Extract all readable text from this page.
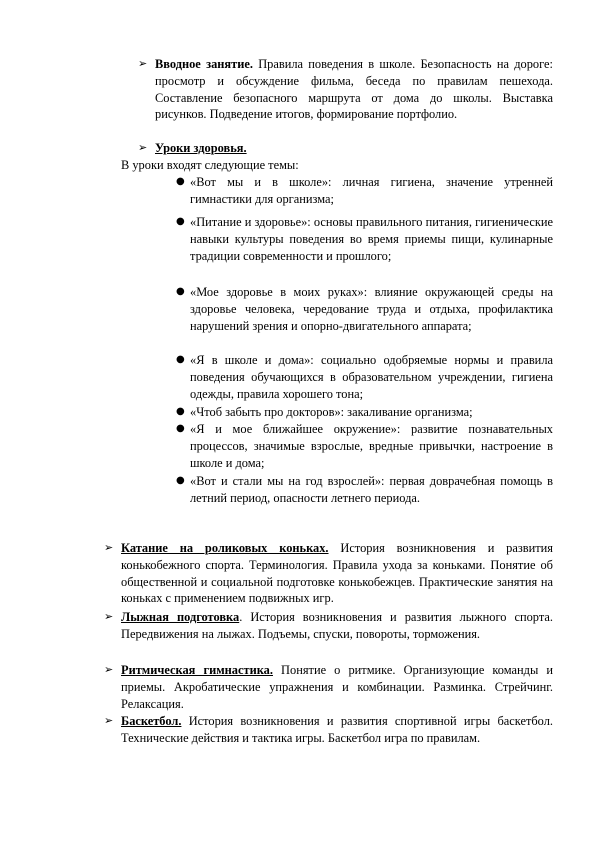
➢ Вводное занятие. Правила поведения в школе. Безопасность на дороге: просмотр и обсуждение фильма, беседа по правилам пешехода. Составление безопасного маршрута от дома до школы. Выставка рисунков. Подведение итогов, формирование портфолио.
➢ Уроки здоровья.
В уроки входят следующие темы:
● «Вот мы и в школе»: личная гигиена, значение утренней гимнастики для организма;
● «Питание и здоровье»: основы правильного питания, гигиенические навыки культуры поведения во время приемы пищи, кулинарные традиции современности и прошлого;
● «Мое здоровье в моих руках»: влияние окружающей среды на здоровье человека, чередование труда и отдыха, профилактика нарушений зрения и опорно-двигательного аппарата;
● «Я в школе и дома»: социально одобряемые нормы и правила поведения обучающихся в образовательном учреждении, гигиена одежды, правила хорошего тона;
● «Чтоб забыть про докторов»: закаливание организма;
● «Я и мое ближайшее окружение»: развитие познавательных процессов, значимые взрослые, вредные привычки, настроение в школе и дома;
● «Вот и стали мы на год взрослей»: первая доврачебная помощь в летний период, опасности летнего периода.
➢ Катание на роликовых коньках. История возникновения и развития конькобежного спорта. Терминология. Правила ухода за коньками. Понятие об общественной и социальной подготовке конькобежцев. Практические занятия на коньках с применением подвижных игр.
➢ Лыжная подготовка. История возникновения и развития лыжного спорта. Передвижения на лыжах. Подъемы, спуски, повороты, торможения.
➢ Ритмическая гимнастика. Понятие о ритмике. Организующие команды и приемы. Акробатические упражнения и комбинации. Разминка. Стрейчинг. Релаксация.
➢ Баскетбол. История возникновения и развития спортивной игры баскетбол. Технические действия и тактика игры. Баскетбол игра по правилам.
